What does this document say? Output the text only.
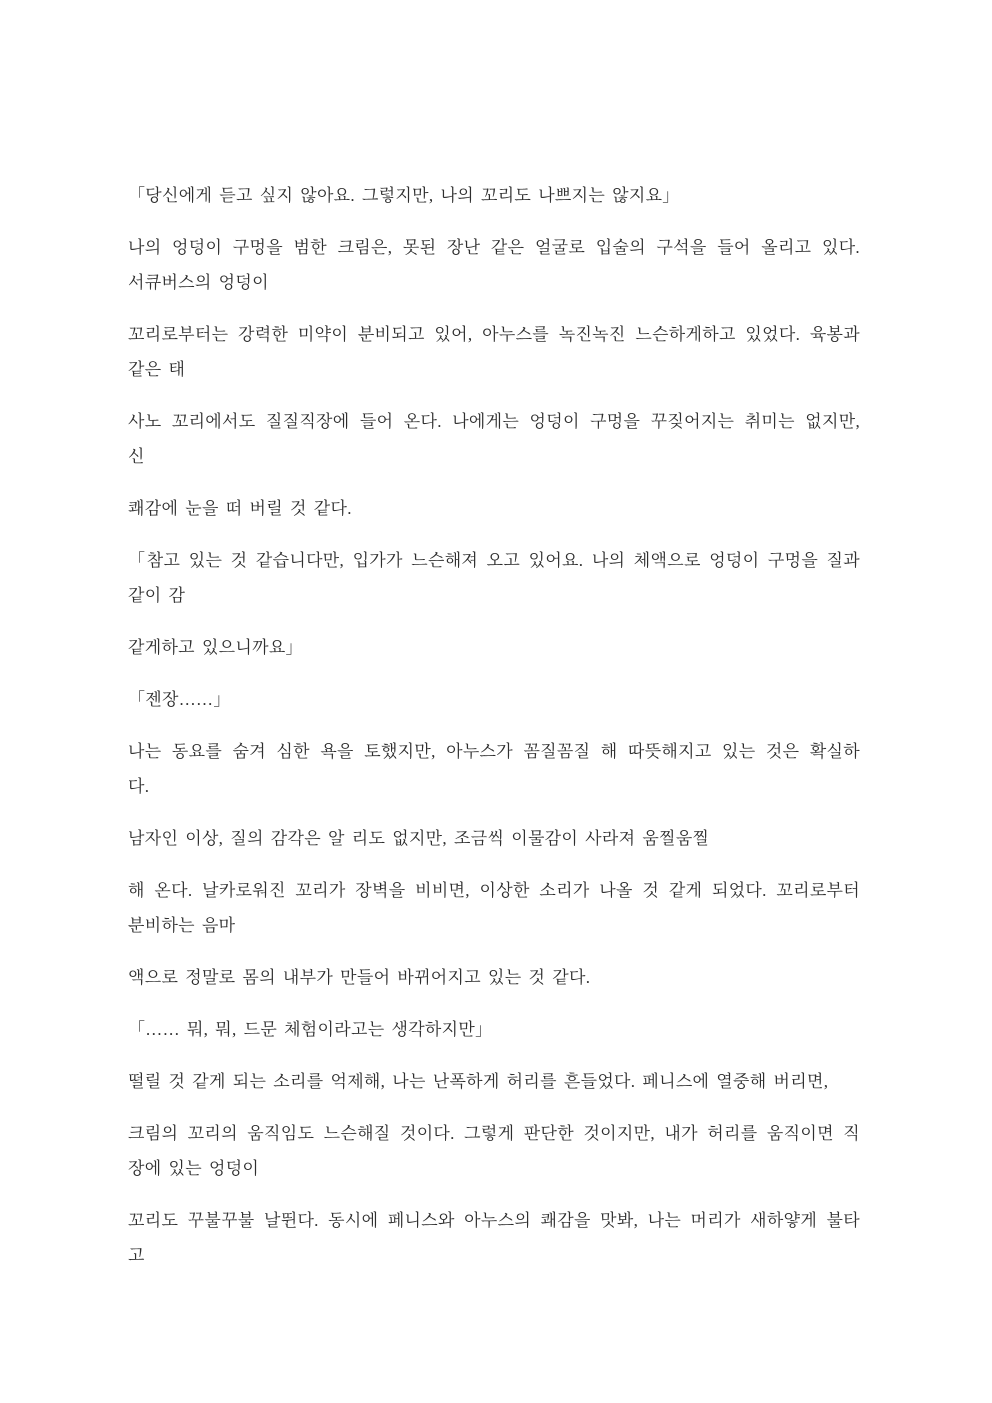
「당신에게 듣고 싶지 않아요. 그렇지만, 나의 꼬리도 나쁘지는 않지요」
나의 엉덩이 구멍을 범한 크림은, 못된 장난 같은 얼굴로 입술의 구석을 들어 올리고 있다.
서큐버스의 엉덩이
꼬리로부터는 강력한 미약이 분비되고 있어, 아누스를 녹진녹진 느슨하게하고 있었다. 육봉과
같은 태
사노 꼬리에서도 질질직장에 들어 온다. 나에게는 엉덩이 구멍을 꾸짖어지는 취미는 없지만,
신
쾌감에 눈을 떠 버릴 것 같다.
「참고 있는 것 같습니다만, 입가가 느슨해져 오고 있어요. 나의 체액으로 엉덩이 구멍을 질과
같이 감
같게하고 있으니까요」
「젠장……」
나는 동요를 숨겨 심한 욕을 토했지만, 아누스가 꼼질꼼질 해 따뜻해지고 있는 것은 확실하
다.
남자인 이상, 질의 감각은 알 리도 없지만, 조금씩 이물감이 사라져 움찔움찔
해 온다. 날카로워진 꼬리가 장벽을 비비면, 이상한 소리가 나올 것 같게 되었다. 꼬리로부터
분비하는 음마
액으로 정말로 몸의 내부가 만들어 바뀌어지고 있는 것 같다.
「…… 뭐, 뭐, 드문 체험이라고는 생각하지만」
떨릴 것 같게 되는 소리를 억제해, 나는 난폭하게 허리를 흔들었다. 페니스에 열중해 버리면,
크림의 꼬리의 움직임도 느슨해질 것이다. 그렇게 판단한 것이지만, 내가 허리를 움직이면 직
장에 있는 엉덩이
꼬리도 꾸불꾸불 날뛴다. 동시에 페니스와 아누스의 쾌감을 맛봐, 나는 머리가 새하얗게 불타
고
